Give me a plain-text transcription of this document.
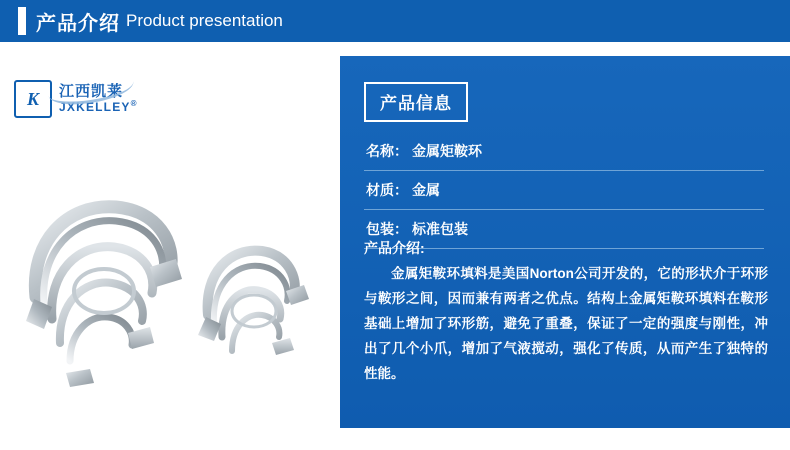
产品介绍 Product presentation
K	江西凯莱
JXKELLEY®	产品信息
名称： 金属矩鞍环
材质： 金属
包装： 标准包装
产品介绍:
金属矩鞍环填料是美国Norton公司开发的，它的形状介于环形与鞍形之间，因而兼有两者之优点。结构上金属矩鞍环填料在鞍形基础上增加了环形筋，避免了重叠，保证了一定的强度与刚性，冲出了几个小爪，增加了气液搅动，强化了传质，从而产生了独特的性能。
